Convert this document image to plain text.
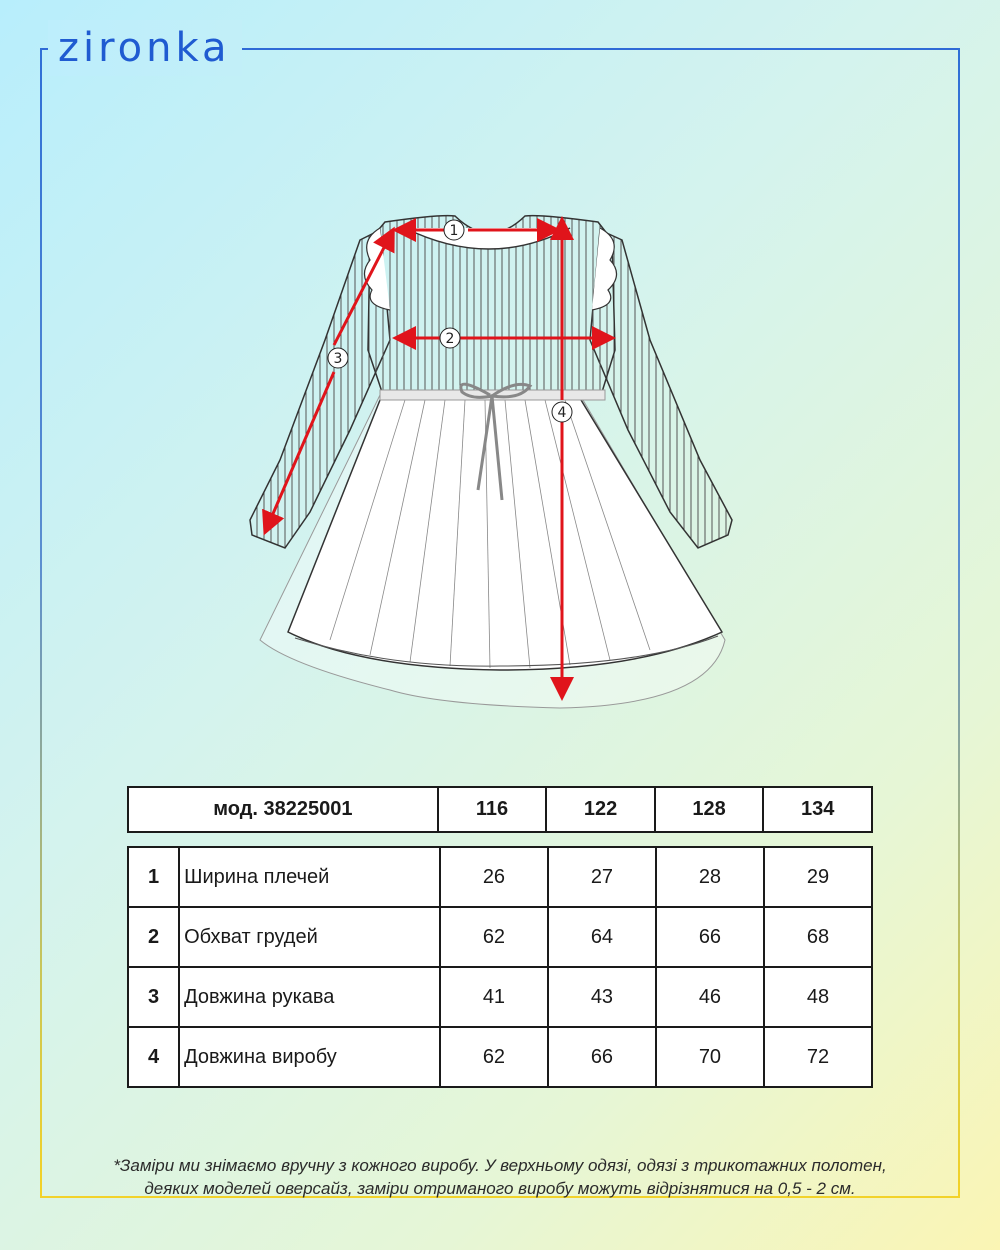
zironka
1
2
3
4
мод. 38225001	116	122	128	134
1	Ширина плечей	26	27	28	29
2	Обхват грудей	62	64	66	68
3	Довжина рукава	41	43	46	48
4	Довжина виробу	62	66	70	72
*Заміри ми знімаємо вручну з кожного виробу. У верхньому одязі, одязі з трикотажних полотен,
деяких моделей оверсайз, заміри отриманого виробу можуть відрізнятися на 0,5 - 2 см.
